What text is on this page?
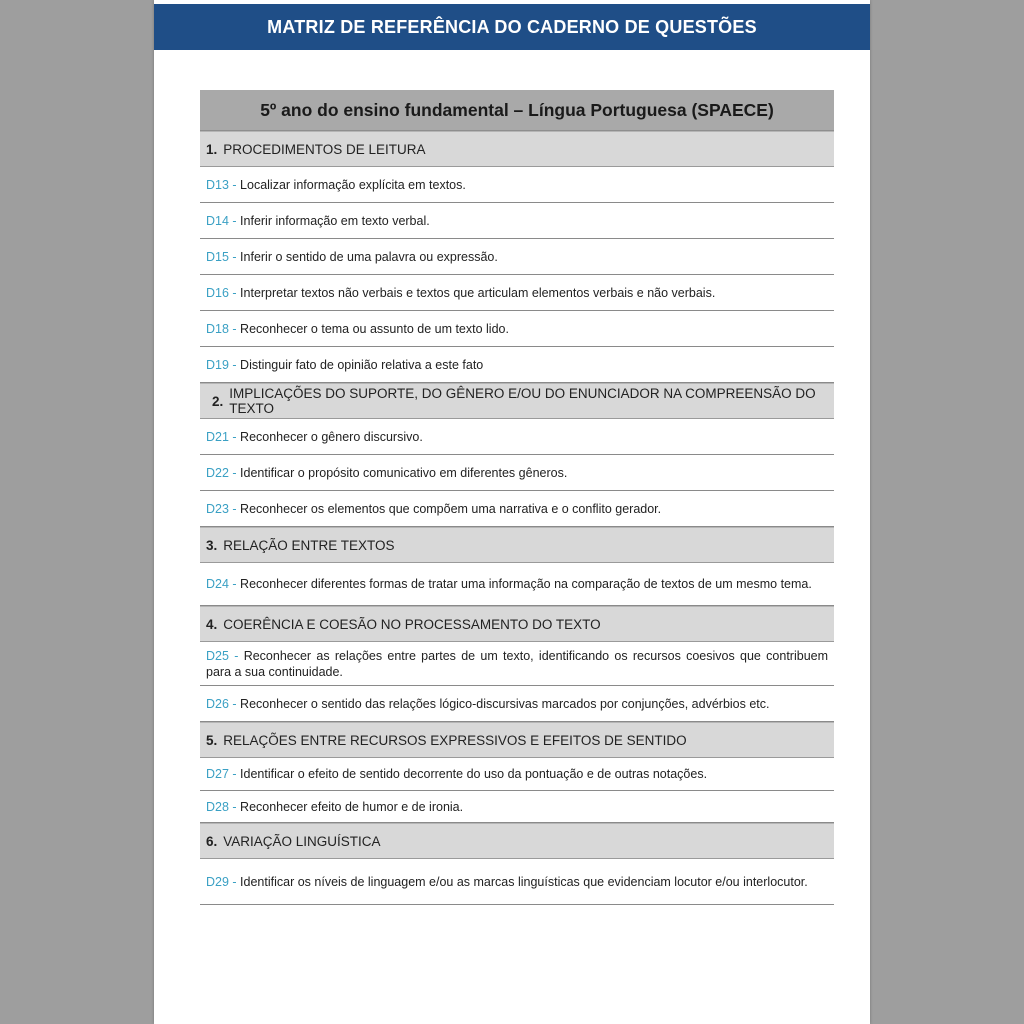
MATRIZ DE REFERÊNCIA DO CADERNO DE QUESTÕES
5º ano do ensino fundamental – Língua Portuguesa (SPAECE)
1. PROCEDIMENTOS DE LEITURA
D13 - Localizar informação explícita em textos.
D14 - Inferir informação em texto verbal.
D15 - Inferir o sentido de uma palavra ou expressão.
D16 - Interpretar textos não verbais e textos que articulam elementos verbais e não verbais.
D18 - Reconhecer o tema ou assunto de um texto lido.
D19 - Distinguir fato de opinião relativa a este fato
2. IMPLICAÇÕES DO SUPORTE, DO GÊNERO E/OU DO ENUNCIADOR NA COMPREENSÃO DO TEXTO
D21 - Reconhecer o gênero discursivo.
D22 - Identificar o propósito comunicativo em diferentes gêneros.
D23 - Reconhecer os elementos que compõem uma narrativa e o conflito gerador.
3. RELAÇÃO ENTRE TEXTOS
D24 - Reconhecer diferentes formas de tratar uma informação na comparação de textos de um mesmo tema.
4. COERÊNCIA E COESÃO NO PROCESSAMENTO DO TEXTO
D25 - Reconhecer as relações entre partes de um texto, identificando os recursos coesivos que contribuem para a sua continuidade.
D26 - Reconhecer o sentido das relações lógico-discursivas marcados por conjunções, advérbios etc.
5. RELAÇÕES ENTRE RECURSOS EXPRESSIVOS E EFEITOS DE SENTIDO
D27 - Identificar o efeito de sentido decorrente do uso da pontuação e de outras notações.
D28 - Reconhecer efeito de humor e de ironia.
6. VARIAÇÃO LINGUÍSTICA
D29 - Identificar os níveis de linguagem e/ou as marcas linguísticas que evidenciam locutor e/ou interlocutor.
